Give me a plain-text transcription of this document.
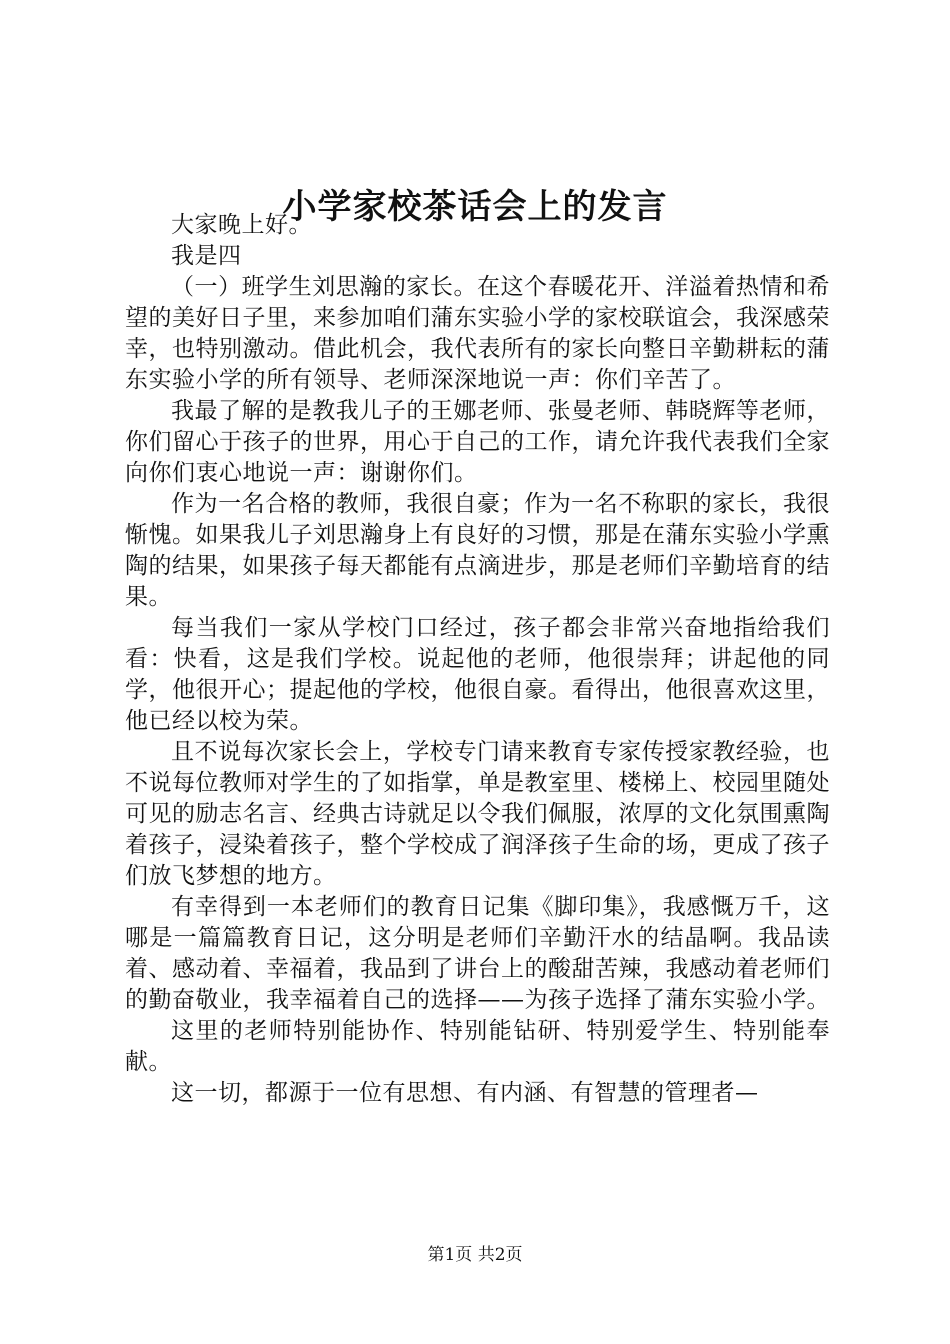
小学家校茶话会上的发言

大家晚上好。

我是四

（一）班学生刘思瀚的家长。在这个春暖花开、洋溢着热情和希望的美好日子里，来参加咱们蒲东实验小学的家校联谊会，我深感荣幸，也特别激动。借此机会，我代表所有的家长向整日辛勤耕耘的蒲东实验小学的所有领导、老师深深地说一声：你们辛苦了。

我最了解的是教我儿子的王娜老师、张曼老师、韩晓辉等老师，你们留心于孩子的世界，用心于自己的工作，请允许我代表我们全家向你们衷心地说一声：谢谢你们。

作为一名合格的教师，我很自豪；作为一名不称职的家长，我很惭愧。如果我儿子刘思瀚身上有良好的习惯，那是在蒲东实验小学熏陶的结果，如果孩子每天都能有点滴进步，那是老师们辛勤培育的结果。

每当我们一家从学校门口经过，孩子都会非常兴奋地指给我们看：快看，这是我们学校。说起他的老师，他很崇拜；讲起他的同学，他很开心；提起他的学校，他很自豪。看得出，他很喜欢这里，他已经以校为荣。

且不说每次家长会上，学校专门请来教育专家传授家教经验，也不说每位教师对学生的了如指掌，单是教室里、楼梯上、校园里随处可见的励志名言、经典古诗就足以令我们佩服，浓厚的文化氛围熏陶着孩子，浸染着孩子，整个学校成了润泽孩子生命的场，更成了孩子们放飞梦想的地方。

有幸得到一本老师们的教育日记集《脚印集》，我感慨万千，这哪是一篇篇教育日记，这分明是老师们辛勤汗水的结晶啊。我品读着、感动着、幸福着，我品到了讲台上的酸甜苦辣，我感动着老师们的勤奋敬业，我幸福着自己的选择——为孩子选择了蒲东实验小学。

这里的老师特别能协作、特别能钻研、特别爱学生、特别能奉献。

这一切，都源于一位有思想、有内涵、有智慧的管理者—

第1页 共2页
